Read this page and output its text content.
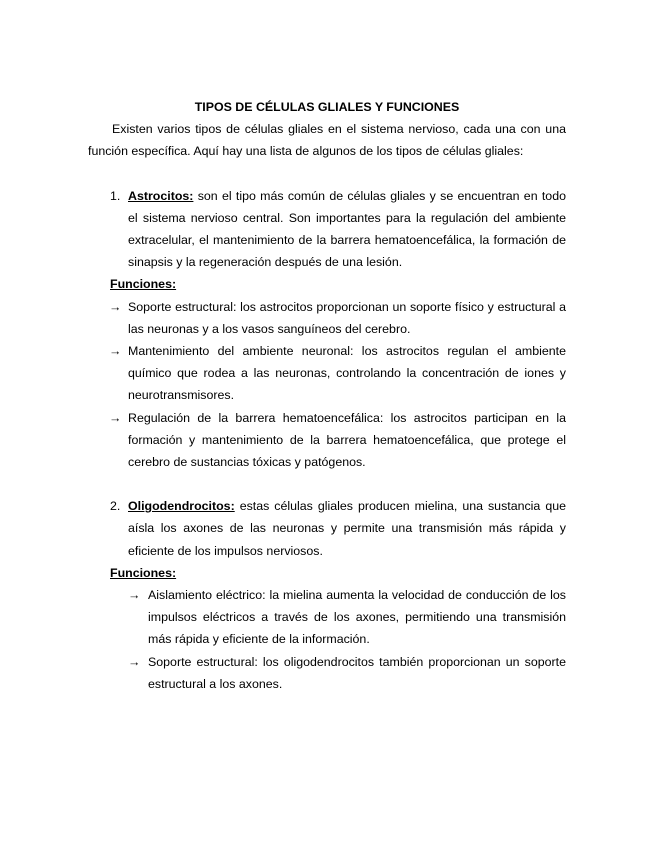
TIPOS DE CÉLULAS GLIALES Y FUNCIONES

Existen varios tipos de células gliales en el sistema nervioso, cada una con una función específica. Aquí hay una lista de algunos de los tipos de células gliales:

1. Astrocitos: son el tipo más común de células gliales y se encuentran en todo el sistema nervioso central. Son importantes para la regulación del ambiente extracelular, el mantenimiento de la barrera hematoencefálica, la formación de sinapsis y la regeneración después de una lesión.

Funciones:

→ Soporte estructural: los astrocitos proporcionan un soporte físico y estructural a las neuronas y a los vasos sanguíneos del cerebro.

→ Mantenimiento del ambiente neuronal: los astrocitos regulan el ambiente químico que rodea a las neuronas, controlando la concentración de iones y neurotransmisores.

→ Regulación de la barrera hematoencefálica: los astrocitos participan en la formación y mantenimiento de la barrera hematoencefálica, que protege el cerebro de sustancias tóxicas y patógenos.

2. Oligodendrocitos: estas células gliales producen mielina, una sustancia que aísla los axones de las neuronas y permite una transmisión más rápida y eficiente de los impulsos nerviosos.

Funciones:

→ Aislamiento eléctrico: la mielina aumenta la velocidad de conducción de los impulsos eléctricos a través de los axones, permitiendo una transmisión más rápida y eficiente de la información.

→ Soporte estructural: los oligodendrocitos también proporcionan un soporte estructural a los axones.
